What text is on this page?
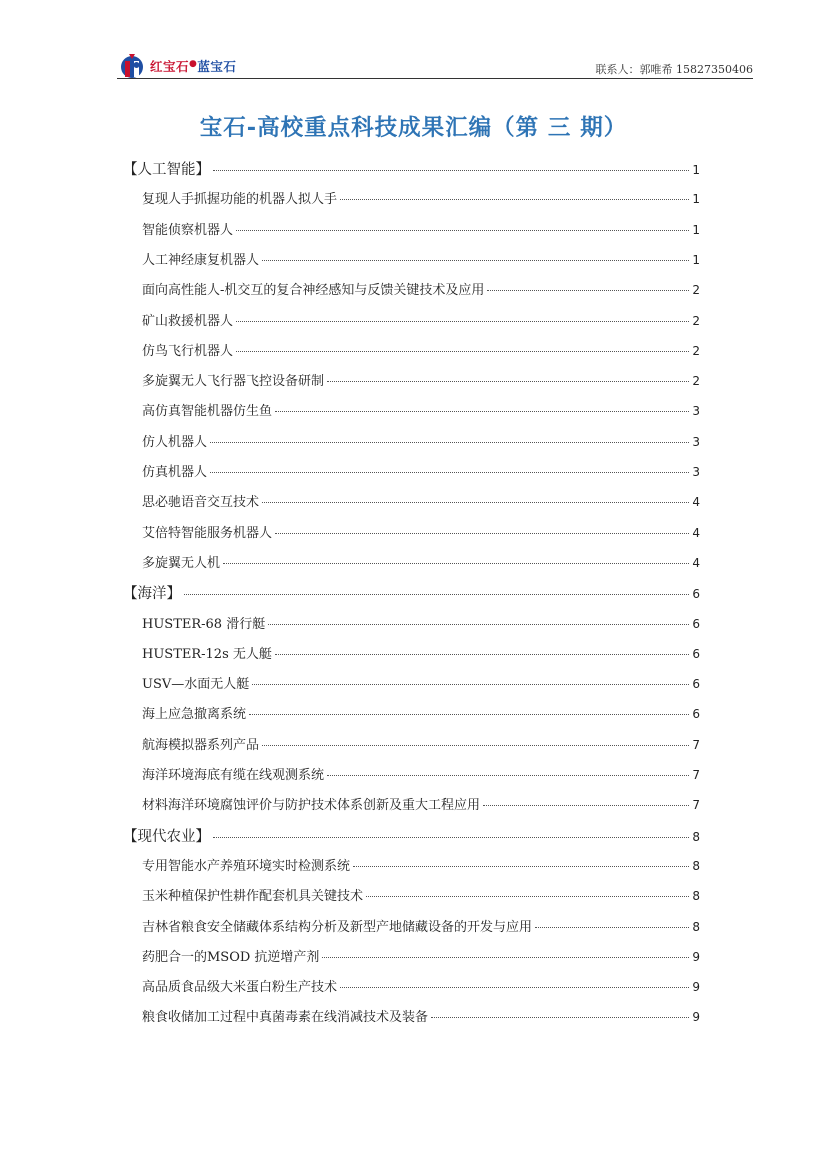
红宝石●蓝宝石	联系人：郭唯希 15827350406
宝石-高校重点科技成果汇编（第 三 期）
【人工智能】	1
复现人手抓握功能的机器人拟人手	1
智能侦察机器人	1
人工神经康复机器人	1
面向高性能人-机交互的复合神经感知与反馈关键技术及应用	2
矿山救援机器人	2
仿鸟飞行机器人	2
多旋翼无人飞行器飞控设备研制	2
高仿真智能机器仿生鱼	3
仿人机器人	3
仿真机器人	3
思必驰语音交互技术	4
艾倍特智能服务机器人	4
多旋翼无人机	4
【海洋】	6
HUSTER-68 滑行艇	6
HUSTER-12s 无人艇	6
USV—水面无人艇	6
海上应急撤离系统	6
航海模拟器系列产品	7
海洋环境海底有缆在线观测系统	7
材料海洋环境腐蚀评价与防护技术体系创新及重大工程应用	7
【现代农业】	8
专用智能水产养殖环境实时检测系统	8
玉米种植保护性耕作配套机具关键技术	8
吉林省粮食安全储藏体系结构分析及新型产地储藏设备的开发与应用	8
药肥合一的MSOD 抗逆增产剂	9
高品质食品级大米蛋白粉生产技术	9
粮食收储加工过程中真菌毒素在线消减技术及装备	9
